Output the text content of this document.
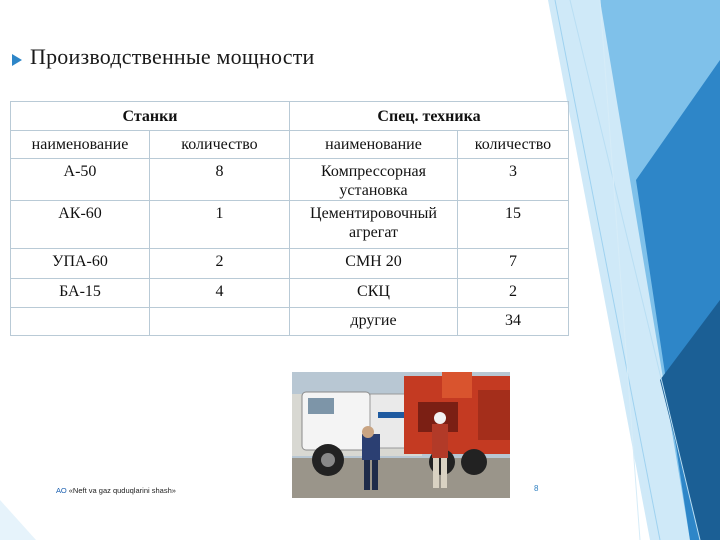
Производственные мощности
Станки		Спец. техника	
наименование	количество	наименование	количество
А-50	8	Компрессорная установка	3
АК-60	1	Цементировочный агрегат	15
УПА-60	2	СМН 20	7
БА-15	4	СКЦ	2
		другие	34
АО «Neft va gaz quduqlarini shash»	8
